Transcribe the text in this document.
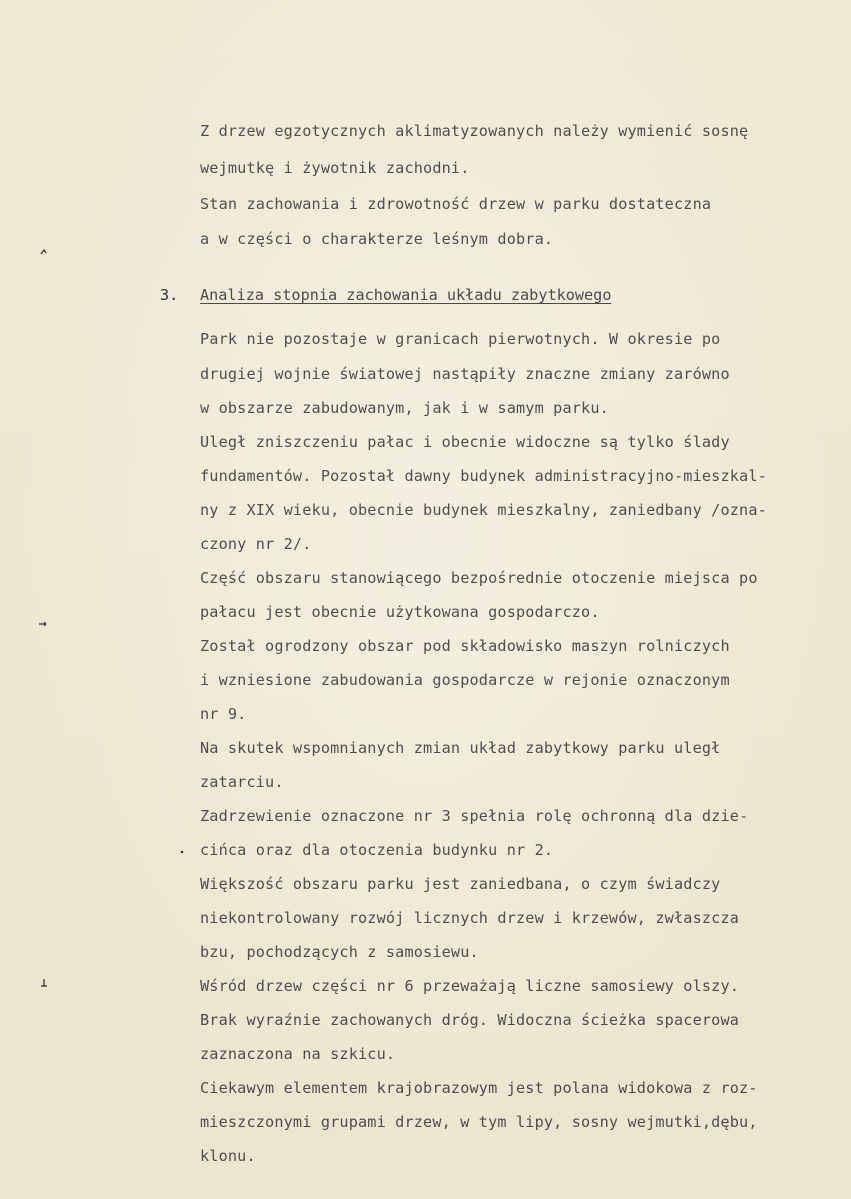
Z drzew egzotycznych aklimatyzowanych należy wymienić sosnę
wejmutkę i żywotnik zachodni.
Stan zachowania i zdrowotność drzew w parku dostateczna
a w części o charakterze leśnym dobra.
3. Analiza stopnia zachowania układu zabytkowego
Park nie pozostaje w granicach pierwotnych. W okresie po
drugiej wojnie światowej nastąpiły znaczne zmiany zarówno
w obszarze zabudowanym, jak i w samym parku.
Uległ zniszczeniu pałac i obecnie widoczne są tylko ślady
fundamentów. Pozostał dawny budynek administracyjno-mieszkal-
ny z XIX wieku, obecnie budynek mieszkalny, zaniedbany /ozna-
czony nr 2/.
Część obszaru stanowiącego bezpośrednie otoczenie miejsca po
pałacu jest obecnie użytkowana gospodarczo.
Został ogrodzony obszar pod składowisko maszyn rolniczych
i wzniesione zabudowania gospodarcze w rejonie oznaczonym
nr 9.
Na skutek wspomnianych zmian układ zabytkowy parku uległ
zatarciu.
Zadrzewienie oznaczone nr 3 spełnia rolę ochronną dla dzie-
cińca oraz dla otoczenia budynku nr 2.
Większość obszaru parku jest zaniedbana, o czym świadczy
niekontrolowany rozwój licznych drzew i krzewów, zwłaszcza
bzu, pochodzących z samosiewu.
Wśród drzew części nr 6 przeważają liczne samosiewy olszy.
Brak wyraźnie zachowanych dróg. Widoczna ścieżka spacerowa
zaznaczona na szkicu.
Ciekawym elementem krajobrazowym jest polana widokowa z roz-
mieszczonymi grupami drzew, w tym lipy, sosny wejmutki,dębu,
klonu.
